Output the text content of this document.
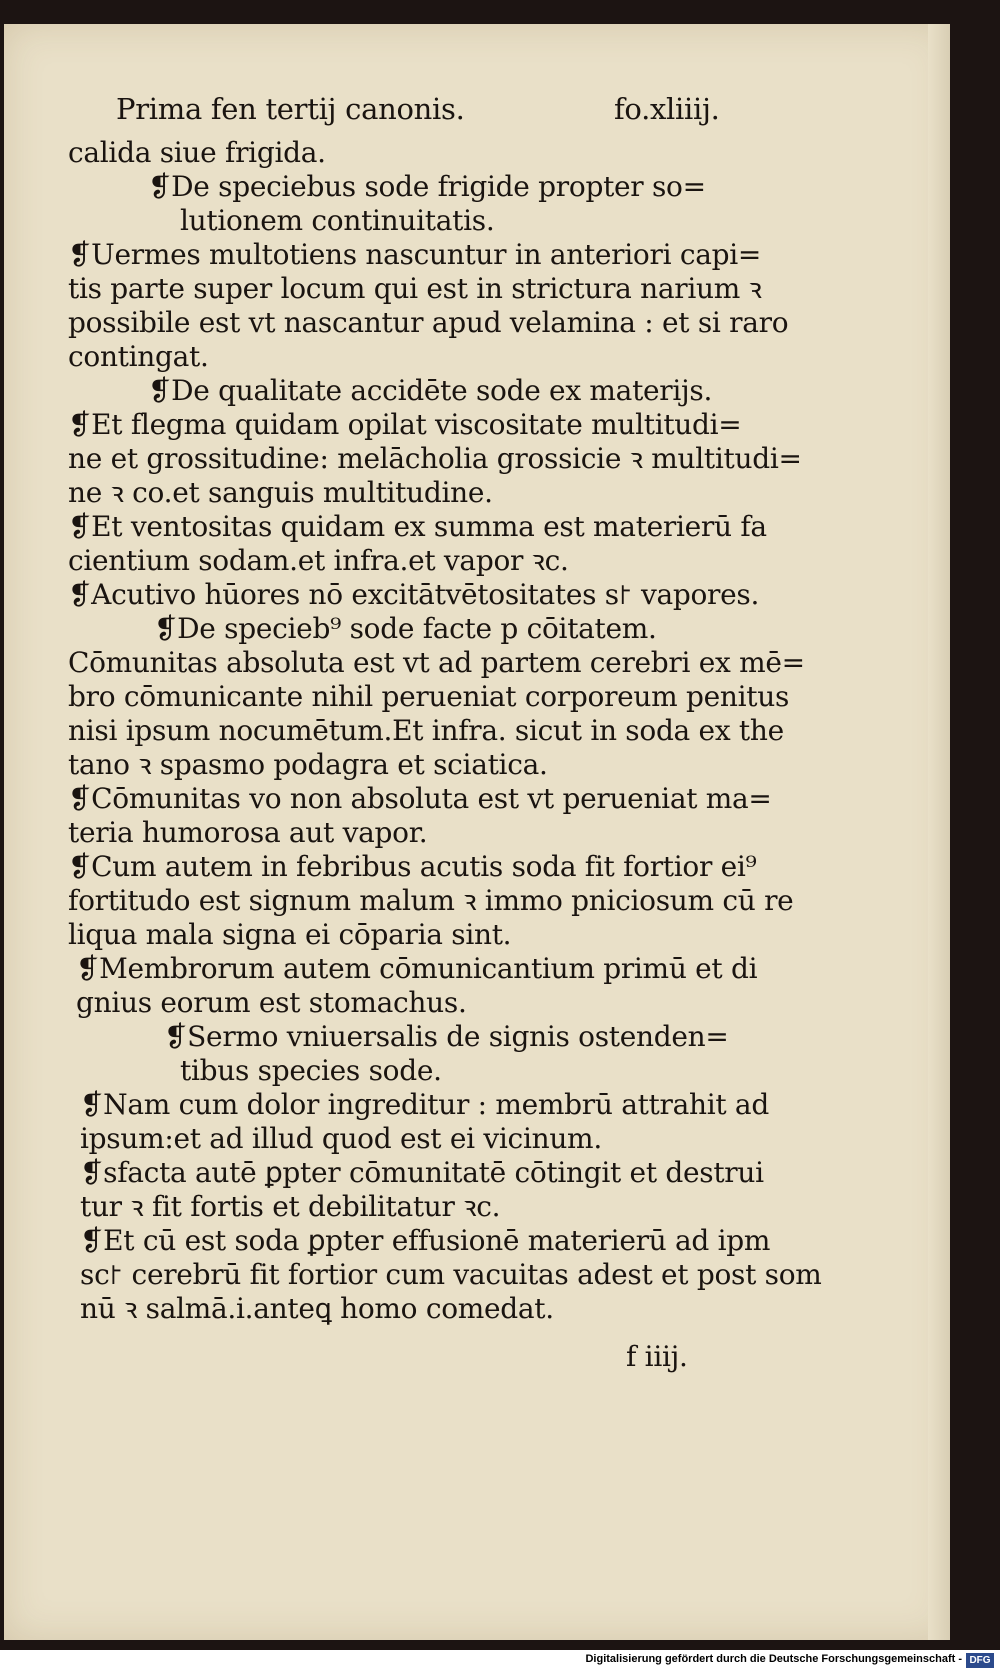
Prima fen tertij canonis.	fo.xliiij.
calida siue frigida.
❡De speciebus sode frigide propter so=
lutionem continuitatis.
❡Uermes multotiens nascuntur in anteriori capi=
tis parte super locum qui est in strictura narium ꝛ
possibile est vt nascantur apud velamina : et si raro
contingat.
❡De qualitate accidēte sode ex materijs.
❡Et flegma quidam opilat viscositate multitudi=
ne et grossitudine: melācholia grossicie ꝛ multitudi=
ne ꝛ co.et sanguis multitudine.
❡Et ventositas quidam ex summa est materierū fa
cientium sodam.et infra.et vapor ꝛc.
❡Acutivo hūores nō excitātvētositates s꜓ vapores.
❡De specieb⁹ sode facte p cōitatem.
Cōmunitas absoluta est vt ad partem cerebri ex mē=
bro cōmunicante nihil perueniat corporeum penitus
nisi ipsum nocumētum.Et infra. sicut in soda ex the
tano ꝛ spasmo podagra et sciatica.
❡Cōmunitas vo non absoluta est vt perueniat ma=
teria humorosa aut vapor.
❡Cum autem in febribus acutis soda fit fortior ei⁹
fortitudo est signum malum ꝛ immo pniciosum cū re
liqua mala signa ei cōparia sint.
❡Membrorum autem cōmunicantium primū et di
gnius eorum est stomachus.
❡Sermo vniuersalis de signis ostenden=
tibus species sode.
❡Nam cum dolor ingreditur : membrū attrahit ad
ipsum:et ad illud quod est ei vicinum.
❡sfacta autē ꝑpter cōmunitatē cōtingit et destrui
tur ꝛ fit fortis et debilitatur ꝛc.
❡Et cū est soda ꝑpter effusionē materierū ad ipm
sc꜓ cerebrū fit fortior cum vacuitas adest et post som
nū ꝛ salmā.i.anteꝗ homo comedat.
f iiij.
Digitalisierung gefördert durch die Deutsche Forschungsgemeinschaft - DFG
